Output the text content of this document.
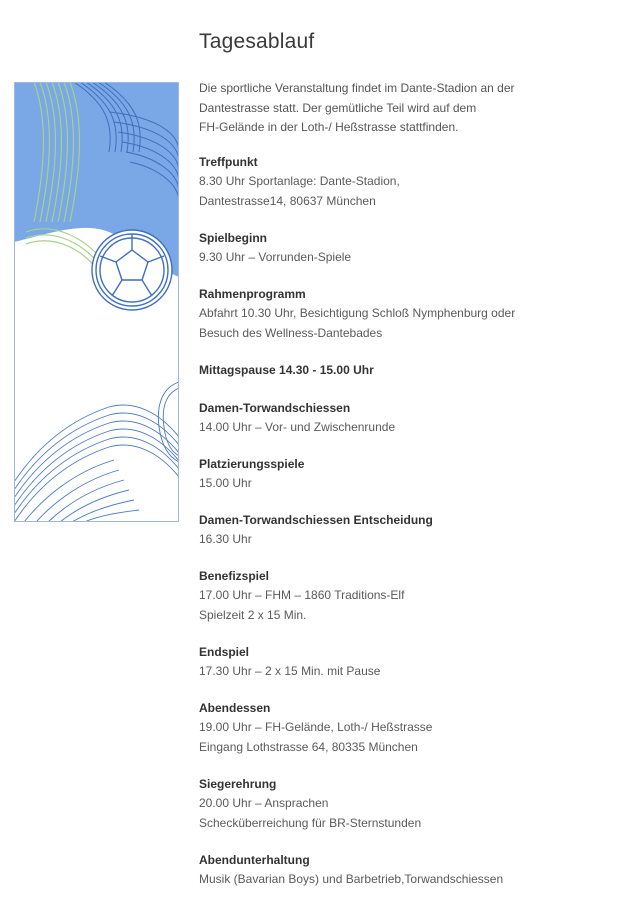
Tagesablauf
Die sportliche Veranstaltung findet im Dante-Stadion an der
Dantestrasse statt. Der gemütliche Teil wird auf dem
FH-Gelände in der Loth-/ Heßstrasse stattfinden.
Treffpunkt
8.30 Uhr Sportanlage: Dante-Stadion,
Dantestrasse14, 80637 München
Spielbeginn
9.30 Uhr – Vorrunden-Spiele
Rahmenprogramm
Abfahrt 10.30 Uhr, Besichtigung Schloß Nymphenburg oder
Besuch des Wellness-Dantebades
Mittagspause 14.30 - 15.00 Uhr
Damen-Torwandschiessen
14.00 Uhr – Vor- und Zwischenrunde
Platzierungsspiele
15.00 Uhr
Damen-Torwandschiessen Entscheidung
16.30 Uhr
Benefizspiel
17.00 Uhr – FHM – 1860 Traditions-Elf
Spielzeit 2 x 15 Min.
Endspiel
17.30 Uhr – 2 x 15 Min. mit Pause
Abendessen
19.00 Uhr – FH-Gelände, Loth-/ Heßstrasse
Eingang Lothstrasse 64, 80335 München
Siegerehrung
20.00 Uhr – Ansprachen
Schecküberreichung für BR-Sternstunden
Abendunterhaltung
Musik (Bavarian Boys) und Barbetrieb,Torwandschiessen
